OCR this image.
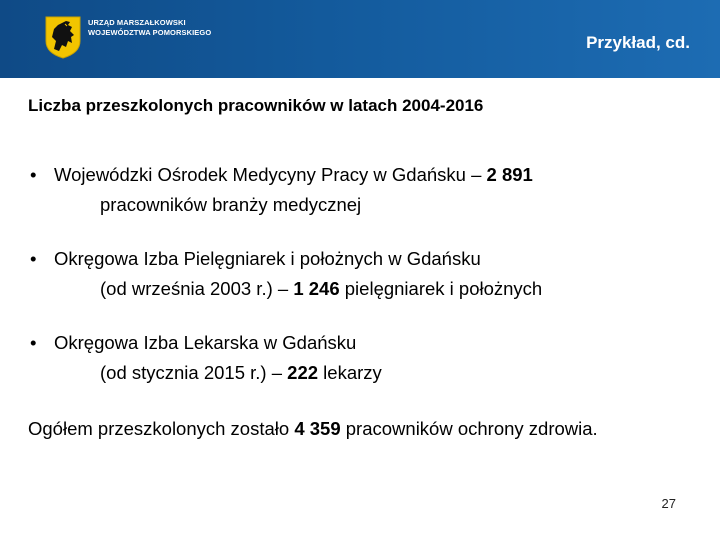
URZĄD MARSZAŁKOWSKI
WOJEWÓDZTWA POMORSKIEGO
Przykład, cd.
Liczba przeszkolonych pracowników w latach 2004-2016
• Wojewódzki Ośrodek Medycyny Pracy w Gdańsku – 2 891
pracowników branży medycznej
• Okręgowa Izba Pielęgniarek i położnych w Gdańsku
(od września 2003 r.) – 1 246 pielęgniarek i położnych
• Okręgowa Izba Lekarska w Gdańsku
(od stycznia 2015 r.) – 222 lekarzy
Ogółem przeszkolonych zostało 4 359 pracowników ochrony zdrowia.
27
